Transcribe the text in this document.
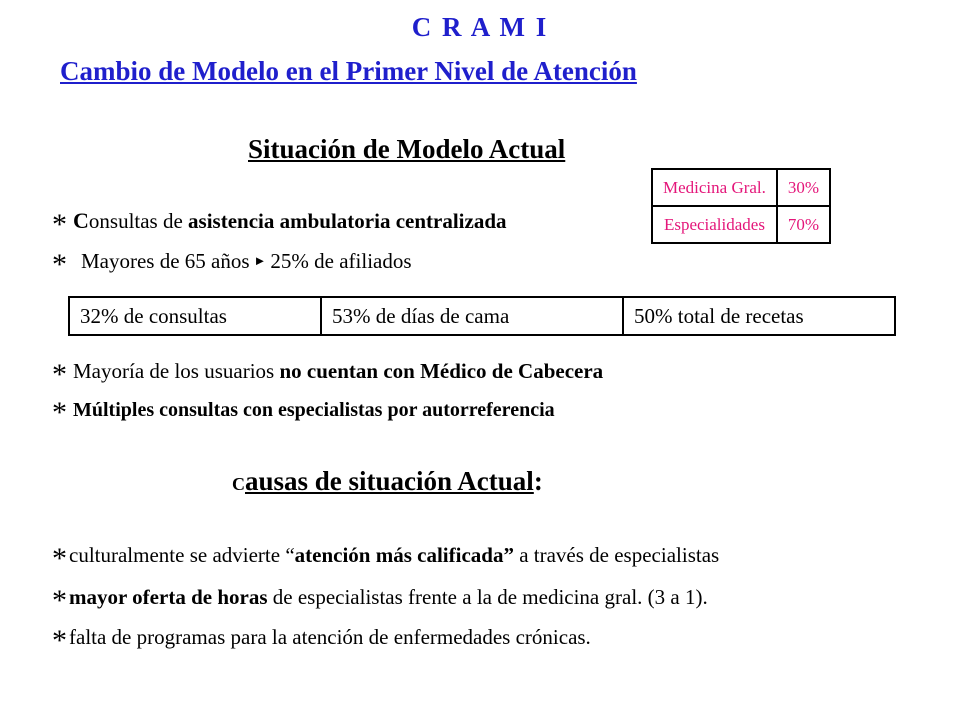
C R A M I
Cambio de Modelo en el Primer Nivel de Atención
Situación de Modelo Actual
Medicina Gral.	30%
Especialidades	70%
* Consultas de asistencia ambulatoria centralizada
* Mayores de 65 años ► 25% de afiliados
32% de consultas	53% de días de cama	50% total de recetas
* Mayoría de los usuarios no cuentan con Médico de Cabecera
* Múltiples consultas con especialistas por autorreferencia
Causas de situación Actual:
*culturalmente se advierte “atención más calificada” a través de especialistas
*mayor oferta de horas de especialistas frente a la de medicina gral. (3 a 1).
*falta de programas para la atención de enfermedades crónicas.
